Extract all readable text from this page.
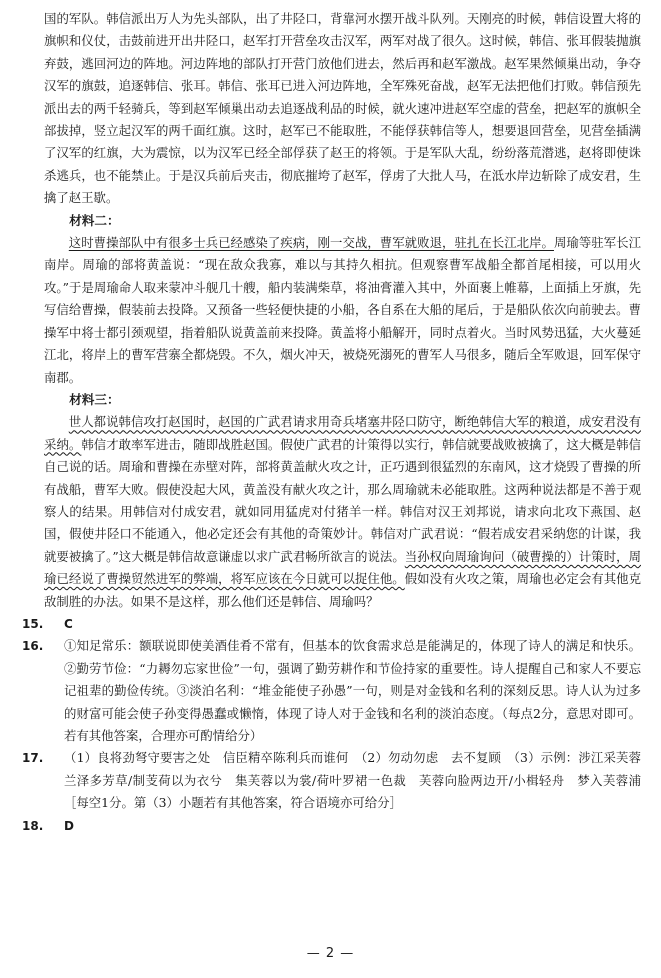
国的军队。韩信派出万人为先头部队，出了井陉口，背靠河水摆开战斗队列。天刚亮的时候，韩信设置大将的旗帜和仪仗，击鼓前进开出井陉口，赵军打开营垒攻击汉军，两军对战了很久。这时候，韩信、张耳假装抛旗弃鼓，逃回河边的阵地。河边阵地的部队打开营门放他们进去，然后再和赵军激战。赵军果然倾巢出动，争夺汉军的旗鼓，追逐韩信、张耳。韩信、张耳已进入河边阵地，全军殊死奋战，赵军无法把他们打败。韩信预先派出去的两千轻骑兵，等到赵军倾巢出动去追逐战利品的时候，就火速冲进赵军空虚的营垒，把赵军的旗帜全部拔掉，竖立起汉军的两千面红旗。这时，赵军已不能取胜，不能俘获韩信等人，想要退回营垒，见营垒插满了汉军的红旗，大为震惊，以为汉军已经全部俘获了赵王的将领。于是军队大乱，纷纷落荒潜逃，赵将即使诛杀逃兵，也不能禁止。于是汉兵前后夹击，彻底摧垮了赵军，俘虏了大批人马，在泜水岸边斩除了成安君，生擒了赵王歇。

材料二：

这时曹操部队中有很多士兵已经感染了疾病，刚一交战，曹军就败退，驻扎在长江北岸。周瑜等驻军长江南岸。周瑜的部将黄盖说：“现在敌众我寡，难以与其持久相抗。但观察曹军战船全都首尾相接，可以用火攻。”于是周瑜命人取来蒙冲斗舰几十艘，船内装满柴草，将油膏灌入其中，外面裹上帷幕，上面插上牙旗，先写信给曹操，假装前去投降。又预备一些轻便快捷的小船，各自系在大船的尾后，于是船队依次向前驶去。曹操军中将士都引颈观望，指着船队说黄盖前来投降。黄盖将小船解开，同时点着火。当时风势迅猛，大火蔓延江北，将岸上的曹军营寨全都烧毁。不久，烟火冲天，被烧死溺死的曹军人马很多，随后全军败退，回军保守南郡。

材料三：

世人都说韩信攻打赵国时，赵国的广武君请求用奇兵堵塞井陉口防守，断绝韩信大军的粮道，成安君没有采纳。韩信才敢率军进击，随即战胜赵国。假使广武君的计策得以实行，韩信就要战败被擒了，这大概是韩信自己说的话。周瑜和曹操在赤壁对阵，部将黄盖献火攻之计，正巧遇到很猛烈的东南风，这才烧毁了曹操的所有战船，曹军大败。假使没起大风，黄盖没有献火攻之计，那么周瑜就未必能取胜。这两种说法都是不善于观察人的结果。用韩信对付成安君，就如同用猛虎对付猪羊一样。韩信对汉王刘邦说，请求向北攻下燕国、赵国，假使井陉口不能通入，他必定还会有其他的奇策妙计。韩信对广武君说：“假若成安君采纳您的计谋，我就要被擒了。”这大概是韩信故意谦虚以求广武君畅所欲言的说法。当孙权向周瑜询问（破曹操的）计策时，周瑜已经说了曹操贸然进军的弊端，将军应该在今日就可以捉住他。假如没有火攻之策，周瑜也必定会有其他克敌制胜的办法。如果不是这样，那么他们还是韩信、周瑜吗？

15.	C

16.	①知足常乐：额联说即使美酒佳肴不常有，但基本的饮食需求总是能满足的，体现了诗人的满足和快乐。②勤劳节俭：“力耨勿忘家世俭”一句，强调了勤劳耕作和节俭持家的重要性。诗人提醒自己和家人不要忘记祖辈的勤俭传统。③淡泊名利：“堆金能使子孙愚”一句，则是对金钱和名利的深刻反思。诗人认为过多的财富可能会使子孙变得愚蠢或懒惰，体现了诗人对于金钱和名利的淡泊态度。（每点2分，意思对即可。若有其他答案，合理亦可酌情给分）

17.	（1）良将劲弩守要害之处　信臣精卒陈利兵而谁何　（2）勿动勿虑　去不复顾　（3）示例：涉江采芙蓉　兰泽多芳草/制芰荷以为衣兮　集芙蓉以为裳/荷叶罗裙一色裁　芙蓉向脸两边开/小楫轻舟　梦入芙蓉浦　［每空1分。第（3）小题若有其他答案，符合语境亦可给分］

18.	D

— 2 —
